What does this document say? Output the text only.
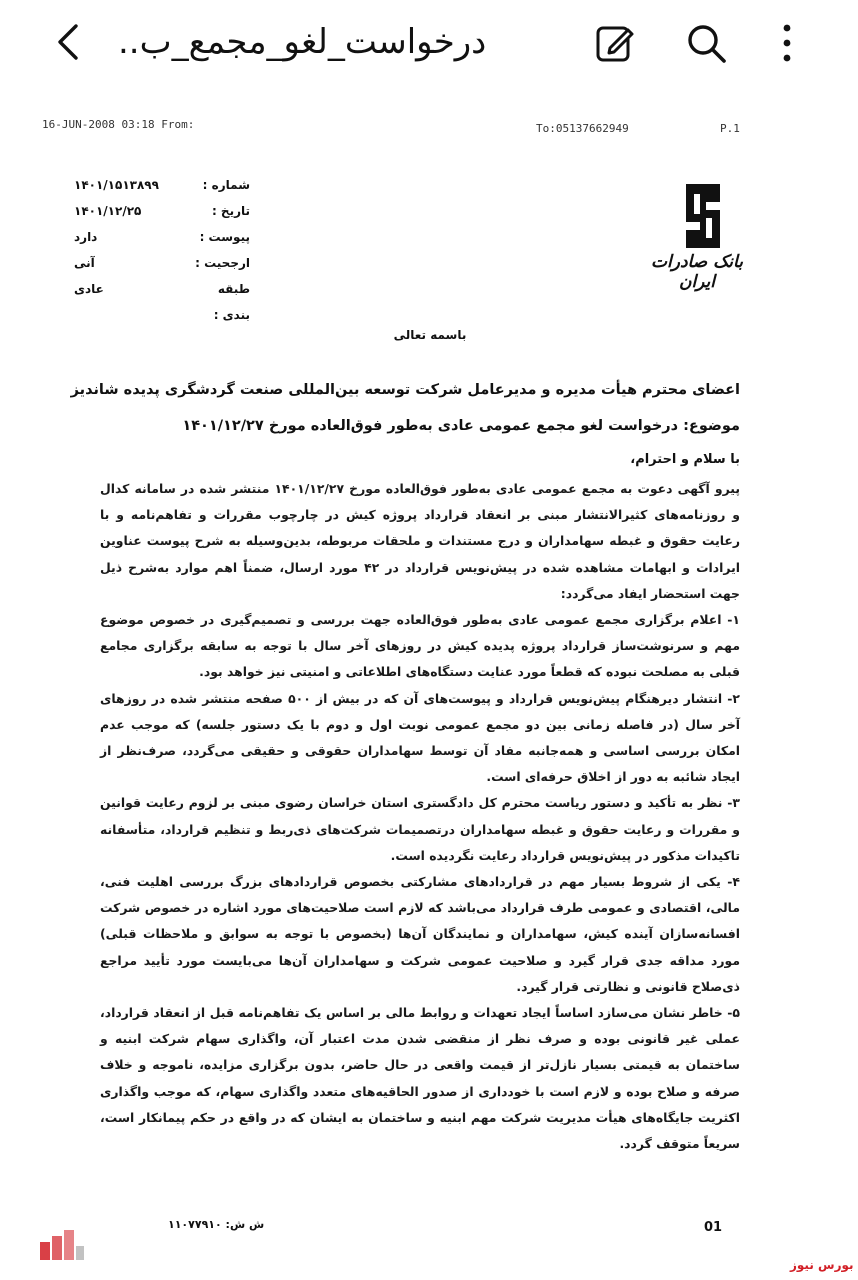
درخواست_لغو_مجمع_ب..
16-JUN-2008 03:18 From:	To:05137662949	P.1
شماره :
۱۴۰۱/۱۵۱۳۸۹۹
تاریخ :
۱۴۰۱/۱۲/۲۵
پیوست :
دارد
ارجحیت :
آنی
طبقه بندی :
عادی
بانک صادرات ایران
باسمه تعالی
اعضای محترم هیأت مدیره و مدیرعامل شرکت توسعه بین‌المللی صنعت گردشگری پدیده شاندیز
موضوع: درخواست لغو مجمع عمومی عادی به‌طور فوق‌العاده مورخ ۱۴۰۱/۱۲/۲۷
با سلام و احترام،

پیرو آگهی دعوت به مجمع عمومی عادی به‌طور فوق‌العاده مورخ ۱۴۰۱/۱۲/۲۷ منتشر شده در سامانه کدال و روزنامه‌های کثیرالانتشار مبنی بر انعقاد قرارداد پروژه کیش در چارچوب مقررات و تفاهم‌نامه و با رعایت حقوق و غبطه سهامداران و درج مستندات و ملحقات مربوطه، بدین‌وسیله به شرح پیوست عناوین ایرادات و ابهامات مشاهده شده در پیش‌نویس قرارداد در ۴۲ مورد ارسال، ضمناً اهم موارد به‌شرح ذیل جهت استحضار ایفاد می‌گردد:

۱- اعلام برگزاری مجمع عمومی عادی به‌طور فوق‌العاده جهت بررسی و تصمیم‌گیری در خصوص موضوع مهم و سرنوشت‌ساز قرارداد پروژه پدیده کیش در روزهای آخر سال با توجه به سابقه برگزاری مجامع قبلی به مصلحت نبوده که قطعاً مورد عنایت دستگاه‌های اطلاعاتی و امنیتی نیز خواهد بود.

۲- انتشار دیرهنگام پیش‌نویس قرارداد و پیوست‌های آن که در بیش از ۵۰۰ صفحه منتشر شده در روزهای آخر سال (در فاصله زمانی بین دو مجمع عمومی نوبت اول و دوم با یک دستور جلسه) که موجب عدم امکان بررسی اساسی و همه‌جانبه مفاد آن توسط سهامداران حقوقی و حقیقی می‌گردد، صرف‌نظر از ایجاد شائبه به دور از اخلاق حرفه‌ای است.

۳- نظر به تأکید و دستور ریاست محترم کل دادگستری استان خراسان رضوی مبنی بر لزوم رعایت قوانین و مقررات و رعایت حقوق و غبطه سهامداران درتصمیمات شرکت‌های ذی‌ربط و تنظیم قرارداد، متأسفانه تاکیدات مذکور در پیش‌نویس قرارداد رعایت نگردیده است.

۴- یکی از شروط بسیار مهم در قراردادهای مشارکتی بخصوص قراردادهای بزرگ بررسی اهلیت فنی، مالی، اقتصادی و عمومی طرف قرارداد می‌باشد که لازم است صلاحیت‌های مورد اشاره در خصوص شرکت افسانه‌سازان آینده کیش، سهامداران و نمایندگان آن‌ها (بخصوص با توجه به سوابق و ملاحظات قبلی) مورد مداقه جدی قرار گیرد و صلاحیت عمومی شرکت و سهامداران آن‌ها می‌بایست مورد تأیید مراجع ذی‌صلاح قانونی و نظارتی قرار گیرد.

۵- خاطر نشان می‌سازد اساساً ایجاد تعهدات و روابط مالی بر اساس یک تفاهم‌نامه قبل از انعقاد قرارداد، عملی غیر قانونی بوده و صرف نظر از منقضی شدن مدت اعتبار آن، واگذاری سهام شرکت ابنیه و ساختمان به قیمتی بسیار نازل‌تر از قیمت واقعی در حال حاضر، بدون برگزاری مزایده، ناموجه و خلاف صرفه و صلاح بوده و لازم است با خودداری از صدور الحاقیه‌های متعدد واگذاری سهام، که موجب واگذاری اکثریت جایگاه‌های هیأت مدیریت شرکت مهم ابنیه و ساختمان به ایشان که در واقع در حکم پیمانکار است، سریعاً متوقف گردد.

ش ش: ۱۱۰۷۷۹۱۰	01
بورس نیوز
